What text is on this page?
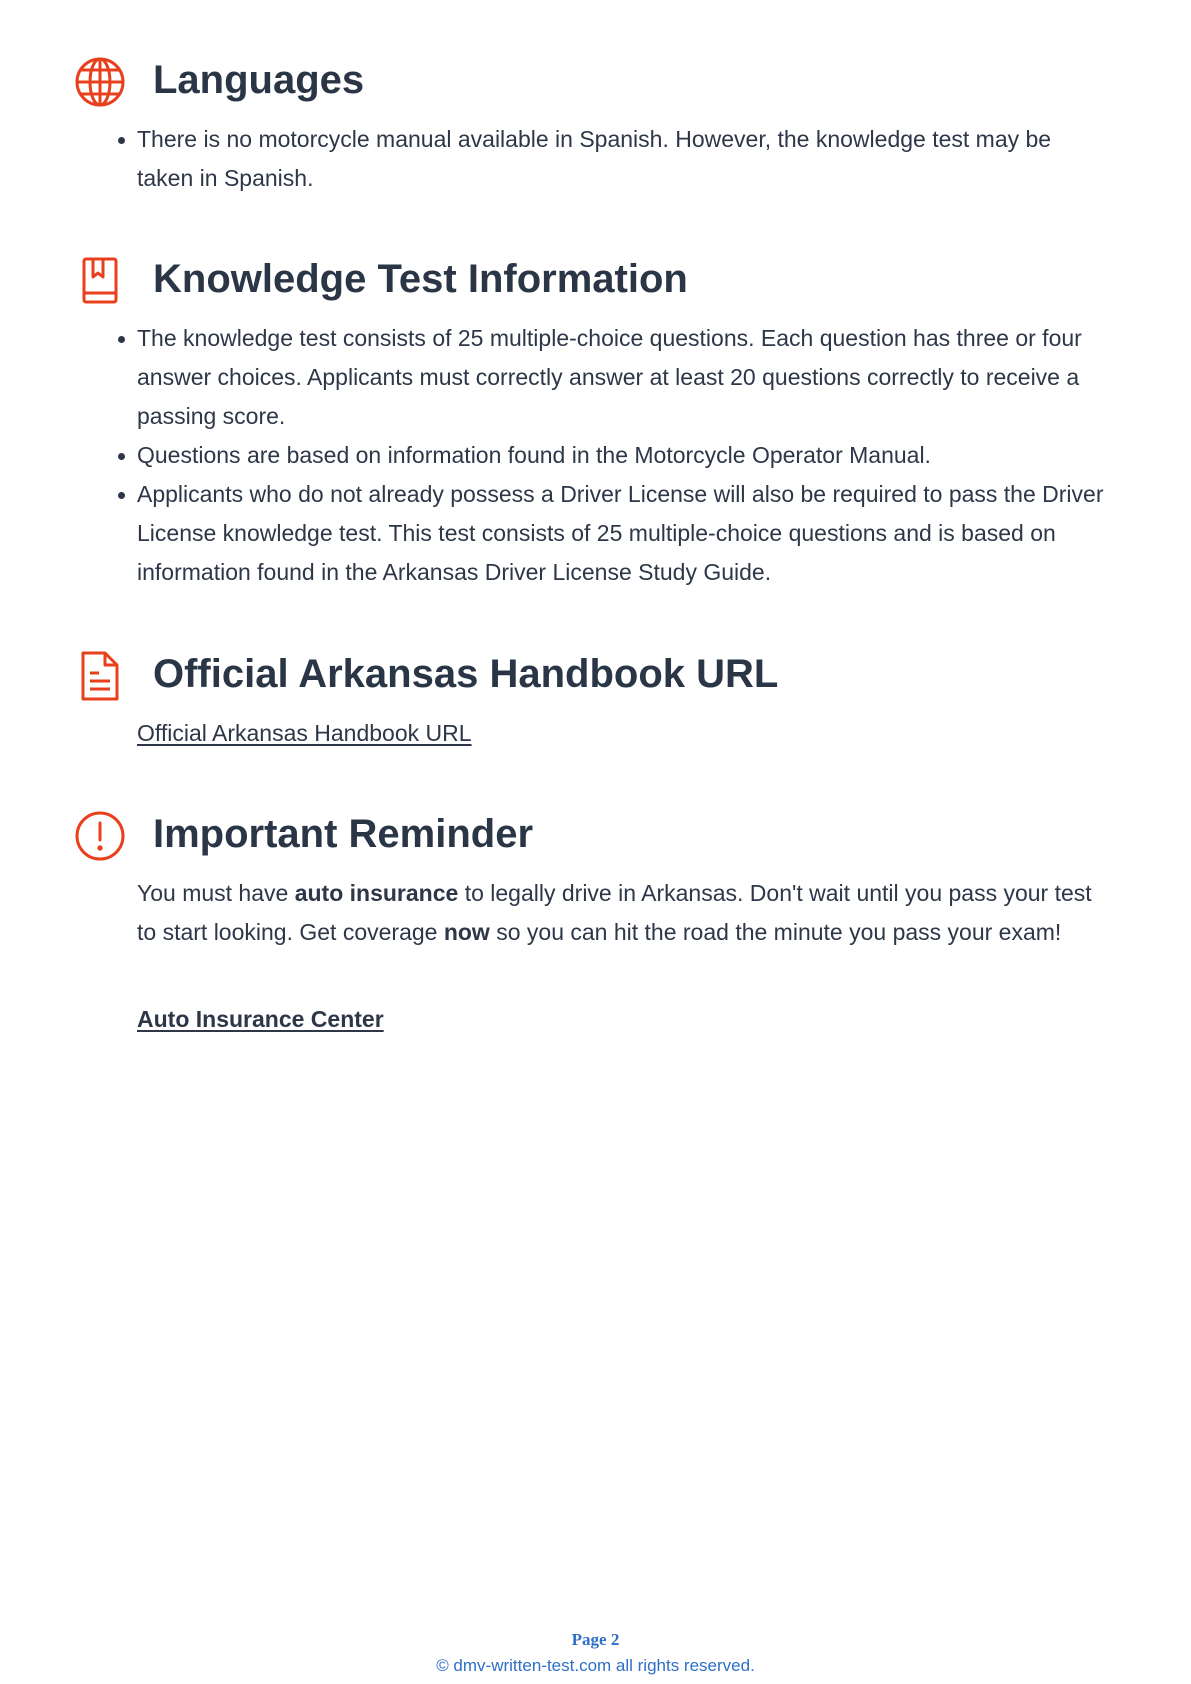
Languages
There is no motorcycle manual available in Spanish. However, the knowledge test may be taken in Spanish.
Knowledge Test Information
The knowledge test consists of 25 multiple-choice questions. Each question has three or four answer choices. Applicants must correctly answer at least 20 questions correctly to receive a passing score.
Questions are based on information found in the Motorcycle Operator Manual.
Applicants who do not already possess a Driver License will also be required to pass the Driver License knowledge test. This test consists of 25 multiple-choice questions and is based on information found in the Arkansas Driver License Study Guide.
Official Arkansas Handbook URL

Official Arkansas Handbook URL

Important Reminder

You must have auto insurance to legally drive in Arkansas. Don't wait until you pass your test to start looking. Get coverage now so you can hit the road the minute you pass your exam!

Auto Insurance Center

Page 2
© dmv-written-test.com all rights reserved.
